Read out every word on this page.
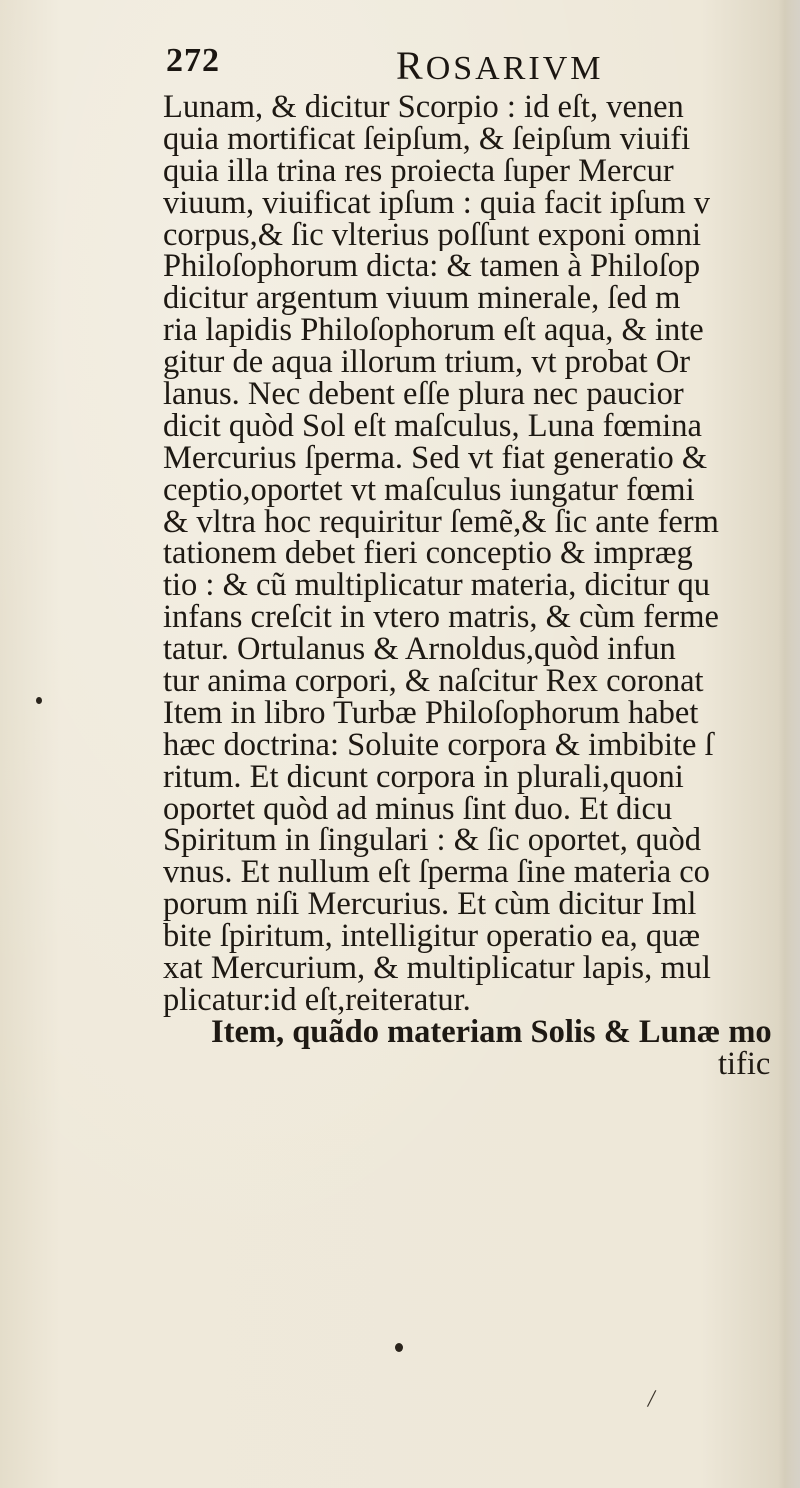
272	ROSARIVM
Lunam, & dicitur Scorpio : id eſt, venen
quia mortificat ſeipſum, & ſeipſum viuifi
quia illa trina res proiecta ſuper Mercur
viuum, viuificat ipſum : quia facit ipſum v
corpus,& ſic vlterius poſſunt exponi omni
Philoſophorum dicta: & tamen à Philoſop
dicitur argentum viuum minerale, ſed m
ria lapidis Philoſophorum eſt aqua, & inte
gitur de aqua illorum trium, vt probat Or
lanus. Nec debent eſſe plura nec paucior
dicit quòd Sol eſt maſculus, Luna fœmina
Mercurius ſperma. Sed vt fiat generatio &
ceptio,oportet vt maſculus iungatur fœmi
& vltra hoc requiritur ſemẽ,& ſic ante ferm
tationem debet fieri conceptio & impræg
tio : & cũ multiplicatur materia, dicitur qu
infans creſcit in vtero matris, & cùm ferme
tatur. Ortulanus & Arnoldus,quòd infun
tur anima corpori, & naſcitur Rex coronat
Item in libro Turbæ Philoſophorum habet
hæc doctrina: Soluite corpora & imbibite ſ
ritum. Et dicunt corpora in plurali,quoni
oportet quòd ad minus ſint duo. Et dicu
Spiritum in ſingulari : & ſic oportet, quòd
vnus. Et nullum eſt ſperma ſine materia co
porum niſi Mercurius. Et cùm dicitur Iml
bite ſpiritum, intelligitur operatio ea, quæ
xat Mercurium, & multiplicatur lapis, mul
plicatur:id eſt,reiteratur.
Item, quãdo materiam Solis & Lunæ mo
tific
/
